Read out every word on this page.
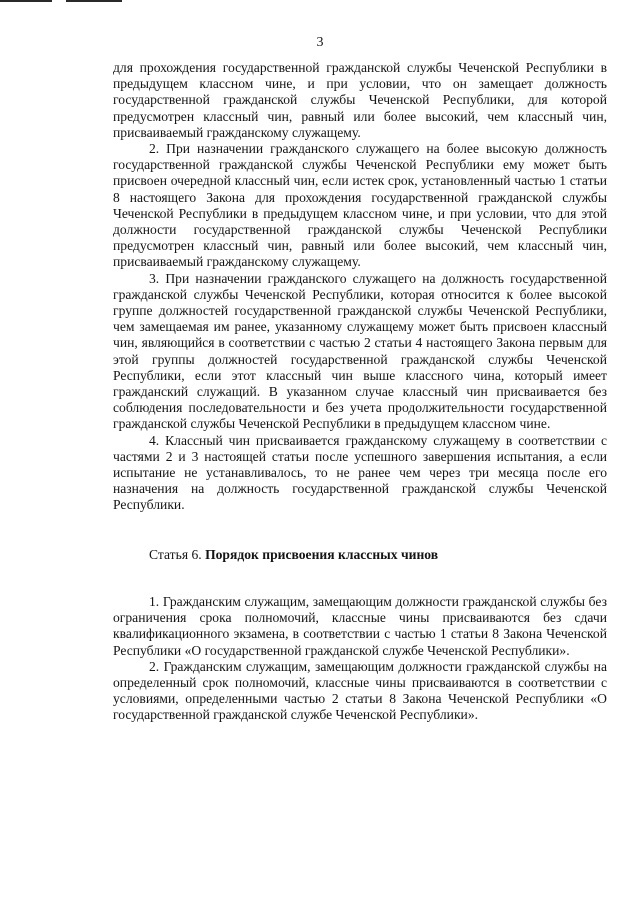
3

для прохождения государственной гражданской службы Чеченской Республики в предыдущем классном чине, и при условии, что он замещает должность государственной гражданской службы Чеченской Республики, для которой предусмотрен классный чин, равный или более высокий, чем классный чин, присваиваемый гражданскому служащему.

2. При назначении гражданского служащего на более высокую должность государственной гражданской службы Чеченской Республики ему может быть присвоен очередной классный чин, если истек срок, установленный частью 1 статьи 8 настоящего Закона для прохождения государственной гражданской службы Чеченской Республики в предыдущем классном чине, и при условии, что для этой должности государственной гражданской службы Чеченской Республики предусмотрен классный чин, равный или более высокий, чем классный чин, присваиваемый гражданскому служащему.

3. При назначении гражданского служащего на должность государственной гражданской службы Чеченской Республики, которая относится к более высокой группе должностей государственной гражданской службы Чеченской Республики, чем замещаемая им ранее, указанному служащему может быть присвоен классный чин, являющийся в соответствии с частью 2 статьи 4 настоящего Закона первым для этой группы должностей государственной гражданской службы Чеченской Республики, если этот классный чин выше классного чина, который имеет гражданский служащий. В указанном случае классный чин присваивается без соблюдения последовательности и без учета продолжительности государственной гражданской службы Чеченской Республики в предыдущем классном чине.

4. Классный чин присваивается гражданскому служащему в соответствии с частями 2 и 3 настоящей статьи после успешного завершения испытания, а если испытание не устанавливалось, то не ранее чем через три месяца после его назначения на должность государственной гражданской службы Чеченской Республики.

Статья 6. Порядок присвоения классных чинов

1. Гражданским служащим, замещающим должности гражданской службы без ограничения срока полномочий, классные чины присваиваются без сдачи квалификационного экзамена, в соответствии с частью 1 статьи 8 Закона Чеченской Республики «О государственной гражданской службе Чеченской Республики».

2. Гражданским служащим, замещающим должности гражданской службы на определенный срок полномочий, классные чины присваиваются в соответствии с условиями, определенными частью 2 статьи 8 Закона Чеченской Республики «О государственной гражданской службе Чеченской Республики».
